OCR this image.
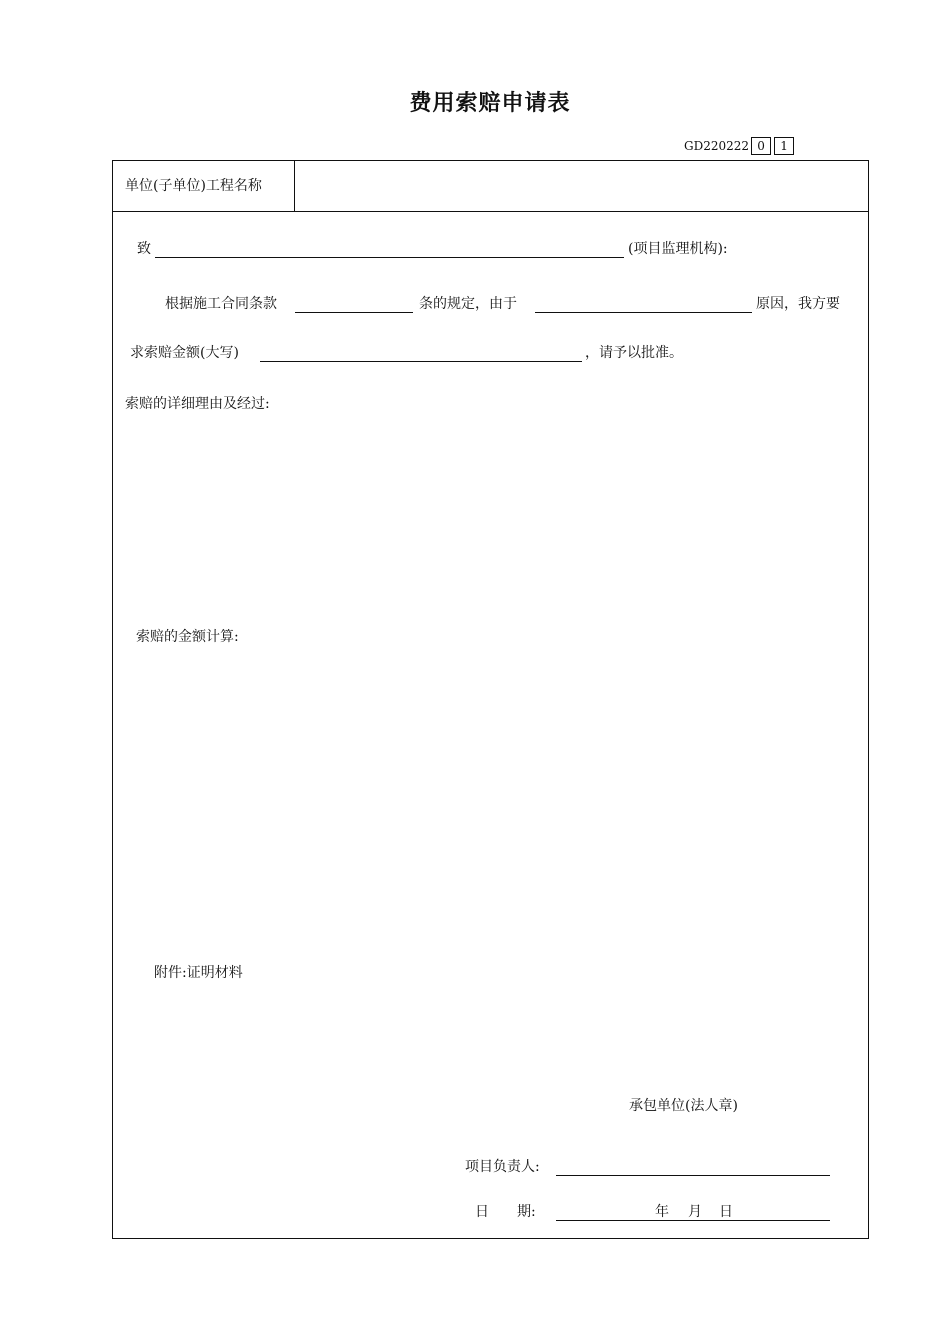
费用索赔申请表
GD220222 0	1
单位(子单位)工程名称
致	(项目监理机构):
根据施工合同条款	条的规定，由于	原因，我方要
求索赔金额(大写)	，请予以批准。
索赔的详细理由及经过:
索赔的金额计算:
附件:证明材料
承包单位(法人章)
项目负责人:
日　　期:	年 月 日
